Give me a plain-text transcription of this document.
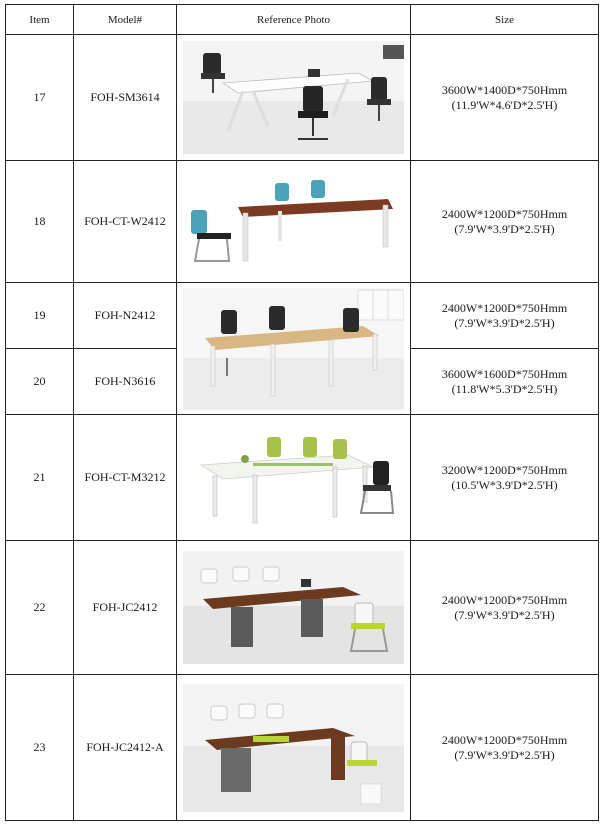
Item	Model#	Reference Photo	Size
17	FOH-SM3614		3600W*1400D*750Hmm
(11.9'W*4.6'D*2.5'H)

18	FOH-CT-W2412		2400W*1200D*750Hmm
(7.9'W*3.9'D*2.5'H)

19	FOH-N2412		2400W*1200D*750Hmm
(7.9'W*3.9'D*2.5'H)

20	FOH-N3616		3600W*1600D*750Hmm
(11.8'W*5.3'D*2.5'H)

21	FOH-CT-M3212		3200W*1200D*750Hmm
(10.5'W*3.9'D*2.5'H)

22	FOH-JC2412		2400W*1200D*750Hmm
(7.9'W*3.9'D*2.5'H)

23	FOH-JC2412-A		2400W*1200D*750Hmm
(7.9'W*3.9'D*2.5'H)
